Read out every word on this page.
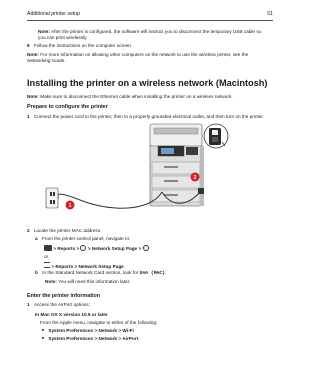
Additional printer setup	51
Note: After the printer is configured, the software will instruct you to disconnect the temporary USB cable so
you can print wirelessly.
8 Follow the instructions on the computer screen.
Note: For more information on allowing other computers on the network to use the wireless printer, see the
Networking Guide.
Installing the printer on a wireless network (Macintosh)
Note: Make sure to disconnect the Ethernet cable when installing the printer on a wireless network.
Prepare to configure the printer
1 Connect the power cord to the printer, then to a properly grounded electrical outlet, and then turn on the printer.
1
2
2 Locate the printer MAC address.
a From the printer control panel, navigate to:
> Reports > > Network Setup Page >
or
> Reports > Network Setup Page
b In the Standard Network Card section, look for UAA (MAC).
Note: You will need this information later.
Enter the printer information
1 Access the AirPort options:
In Mac OS X version 10.5 or later
From the Apple menu, navigate to either of the following:
System Preferences > Network > Wi-Fi
System Preferences > Network > AirPort
